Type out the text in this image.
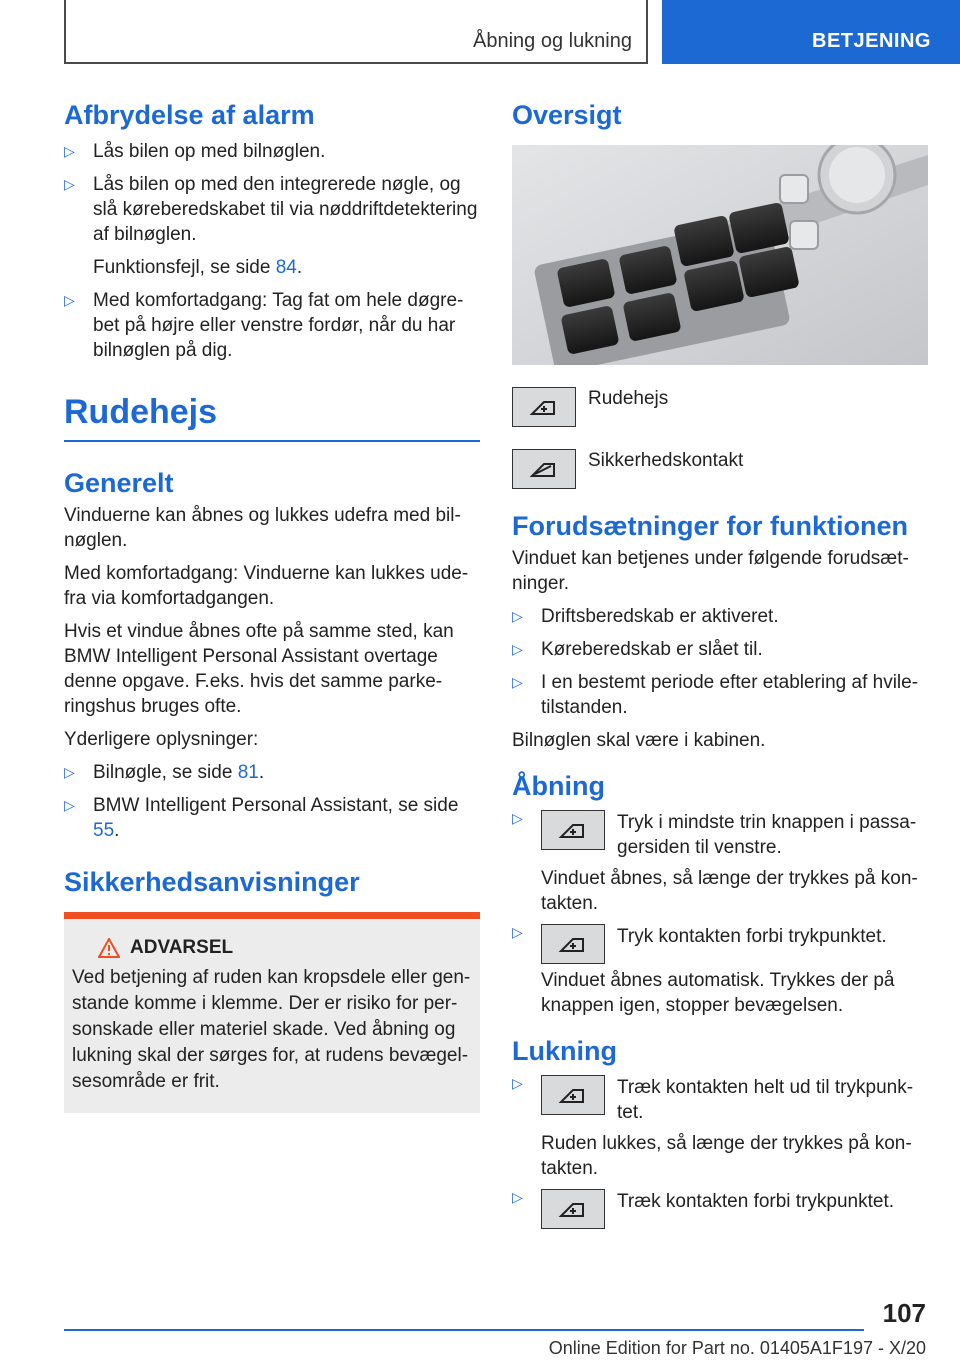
Åbning og lukning	BETJENING
Afbrydelse af alarm
▷ Lås bilen op med bilnøglen.
▷ Lås bilen op med den integrerede nøgle, og slå køreberedskabet til via nøddriftdetektering af bilnøglen.
Funktionsfejl, se side 84.
▷ Med komfortadgang: Tag fat om hele døgre-bet på højre eller venstre fordør, når du har bilnøglen på dig.
Rudehejs
Generelt
Vinduerne kan åbnes og lukkes udefra med bil-nøglen.
Med komfortadgang: Vinduerne kan lukkes ude-fra via komfortadgangen.
Hvis et vindue åbnes ofte på samme sted, kan BMW Intelligent Personal Assistant overtage denne opgave. F.eks. hvis det samme parke-ringshus bruges ofte.
Yderligere oplysninger:
▷ Bilnøgle, se side 81.
▷ BMW Intelligent Personal Assistant, se side 55.
Sikkerhedsanvisninger
ADVARSEL
Ved betjening af ruden kan kropsdele eller gen-stande komme i klemme. Der er risiko for per-sonskade eller materiel skade. Ved åbning og lukning skal der sørges for, at rudens bevægel-sesområde er frit.
Oversigt
Rudehejs
Sikkerhedskontakt
Forudsætninger for funktionen
Vinduet kan betjenes under følgende forudsæt-ninger.
▷ Driftsberedskab er aktiveret.
▷ Køreberedskab er slået til.
▷ I en bestemt periode efter etablering af hvile-tilstanden.
Bilnøglen skal være i kabinen.
Åbning
▷	Tryk i mindste trin knappen i passa-gersiden til venstre.
Vinduet åbnes, så længe der trykkes på kon-takten.
▷	Tryk kontakten forbi trykpunktet.
Vinduet åbnes automatisk. Trykkes der på knappen igen, stopper bevægelsen.
Lukning
▷	Træk kontakten helt ud til trykpunk-tet.
Ruden lukkes, så længe der trykkes på kon-takten.
▷	Træk kontakten forbi trykpunktet.
107
Online Edition for Part no. 01405A1F197 - X/20
